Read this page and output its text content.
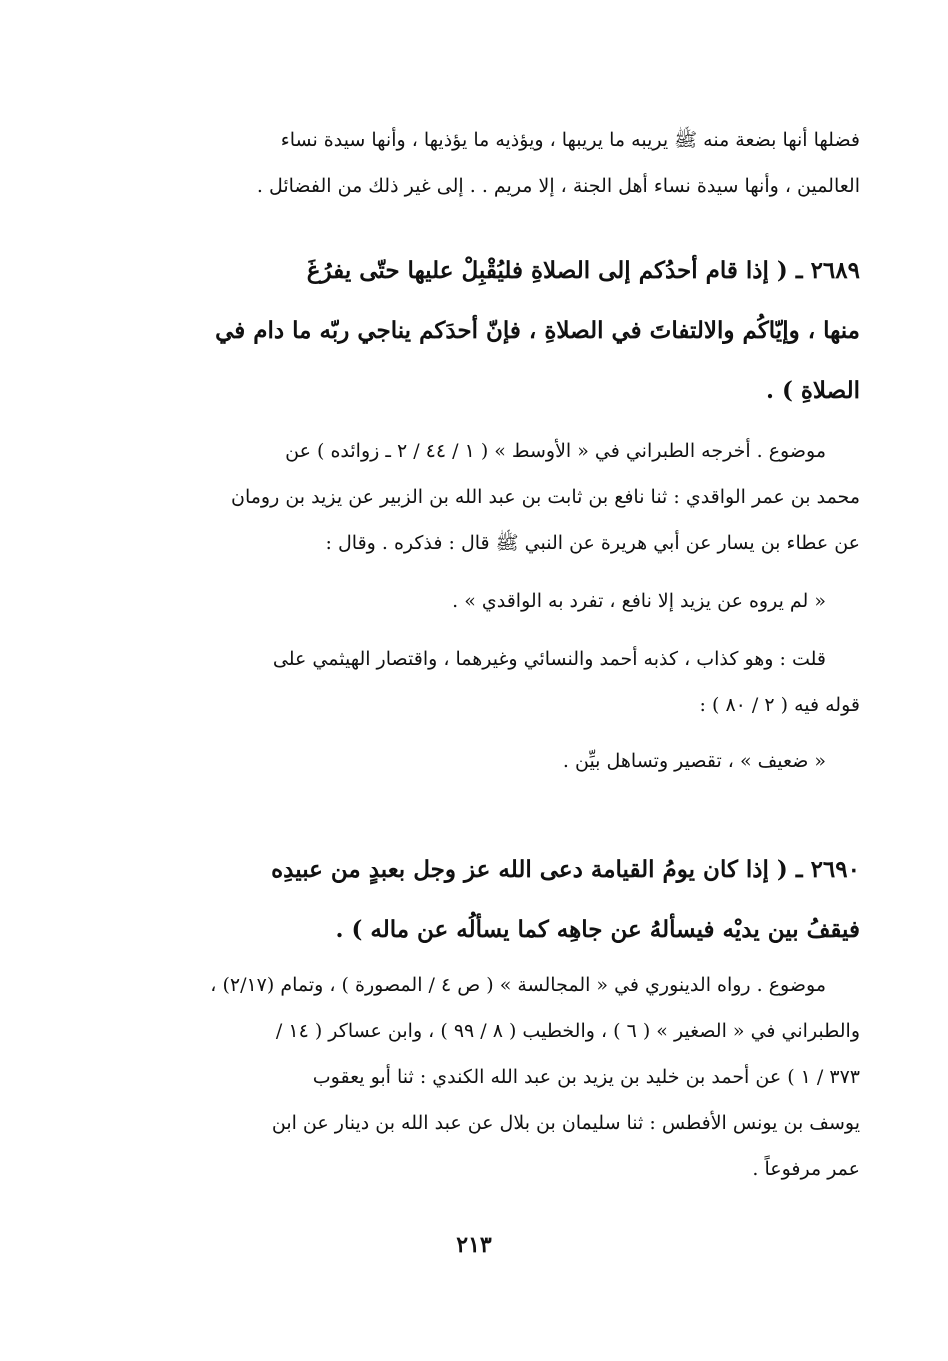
فضلها أنها بضعة منه ﷺ يريبه ما يريبها ، ويؤذيه ما يؤذيها ، وأنها سيدة نساء

العالمين ، وأنها سيدة نساء أهل الجنة ، إلا مريم . . إلى غير ذلك من الفضائل .

٢٦٨٩ ـ ( إذا قام أحدُكم إلى الصلاةِ فليُقْبِلْ عليها حتّى يفرُغَ

منها ، وإيّاكُم والالتفاتَ في الصلاةِ ، فإنّ أحدَكم يناجي ربّه ما دام في

الصلاةِ ) .

موضوع . أخرجه الطبراني في « الأوسط » ( ١ / ٤٤ / ٢ ـ زوائده ) عن

محمد بن عمر الواقدي : ثنا نافع بن ثابت بن عبد الله بن الزبير عن يزيد بن رومان

عن عطاء بن يسار عن أبي هريرة عن النبي ﷺ قال : فذكره . وقال :

« لم يروه عن يزيد إلا نافع ، تفرد به الواقدي » .

قلت : وهو كذاب ، كذبه أحمد والنسائي وغيرهما ، واقتصار الهيثمي على

قوله فيه ( ٢ / ٨٠ ) :

« ضعيف » ، تقصير وتساهل بيِّن .

٢٦٩٠ ـ ( إذا كان يومُ القيامة دعى الله عز وجل بعبدٍ من عبيدِه

فيقفُ بين يديْه فيسألهُ عن جاهِه كما يسألُه عن ماله ) .

موضوع . رواه الدينوري في « المجالسة » ( ص ٤ / المصورة ) ، وتمام (٢/١٧) ،

والطبراني في « الصغير » ( ٦ ) ، والخطيب ( ٨ / ٩٩ ) ، وابن عساكر ( ١٤ /

٣٧٣ / ١ ) عن أحمد بن خليد بن يزيد بن عبد الله الكندي : ثنا أبو يعقوب

يوسف بن يونس الأفطس : ثنا سليمان بن بلال عن عبد الله بن دينار عن ابن

عمر مرفوعاً .

٢١٣
